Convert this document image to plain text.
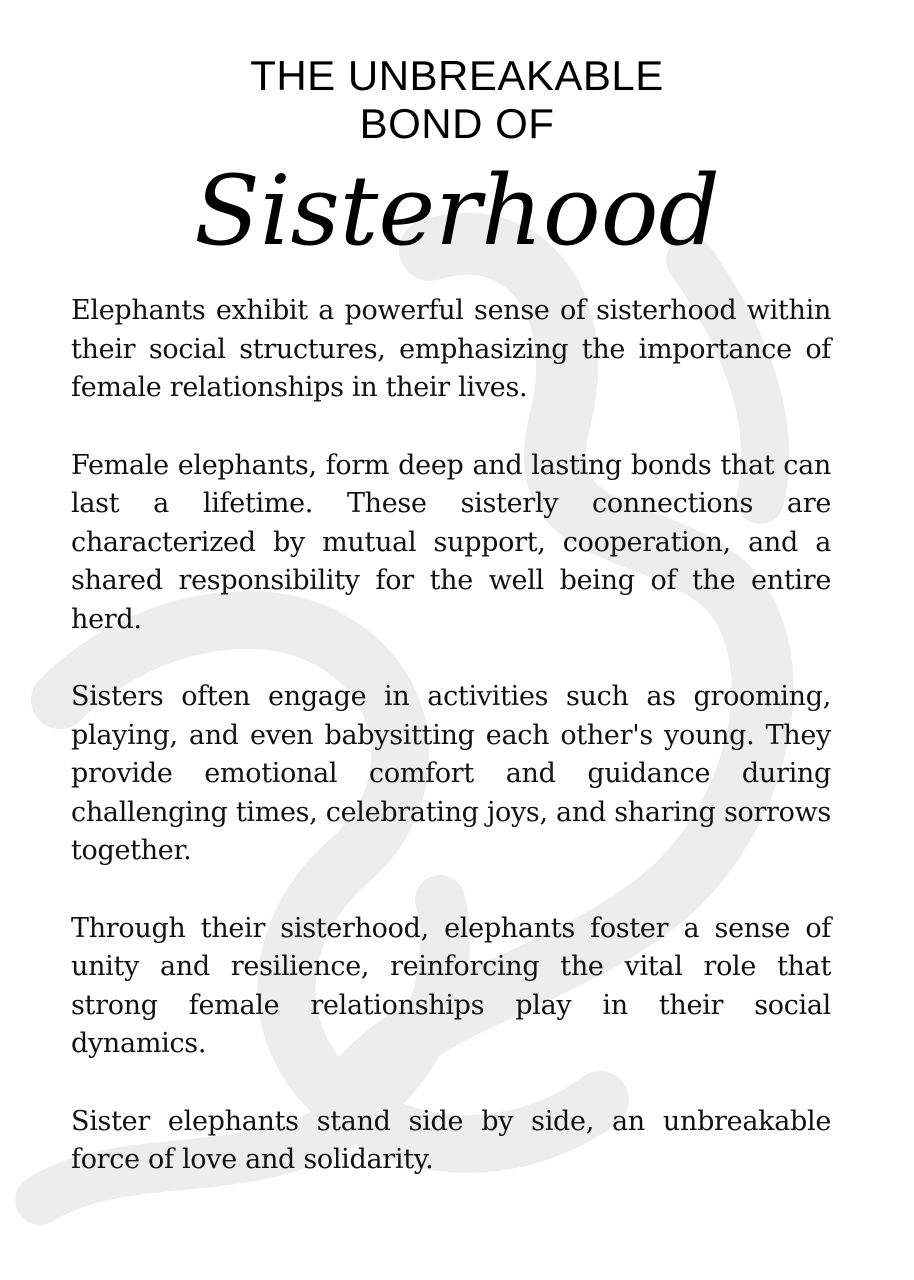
THE UNBREAKABLE
BOND OF
Sisterhood

Elephants exhibit a powerful sense of sisterhood within their social structures, emphasizing the importance of female relationships in their lives.

Female elephants, form deep and lasting bonds that can last a lifetime. These sisterly connections are characterized by mutual support, cooperation, and a shared responsibility for the well being of the entire herd.

Sisters often engage in activities such as grooming, playing, and even babysitting each other's young. They provide emotional comfort and guidance during challenging times, celebrating joys, and sharing sorrows together.

Through their sisterhood, elephants foster a sense of unity and resilience, reinforcing the vital role that strong female relationships play in their social dynamics.

Sister elephants stand side by side, an unbreakable force of love and solidarity.
